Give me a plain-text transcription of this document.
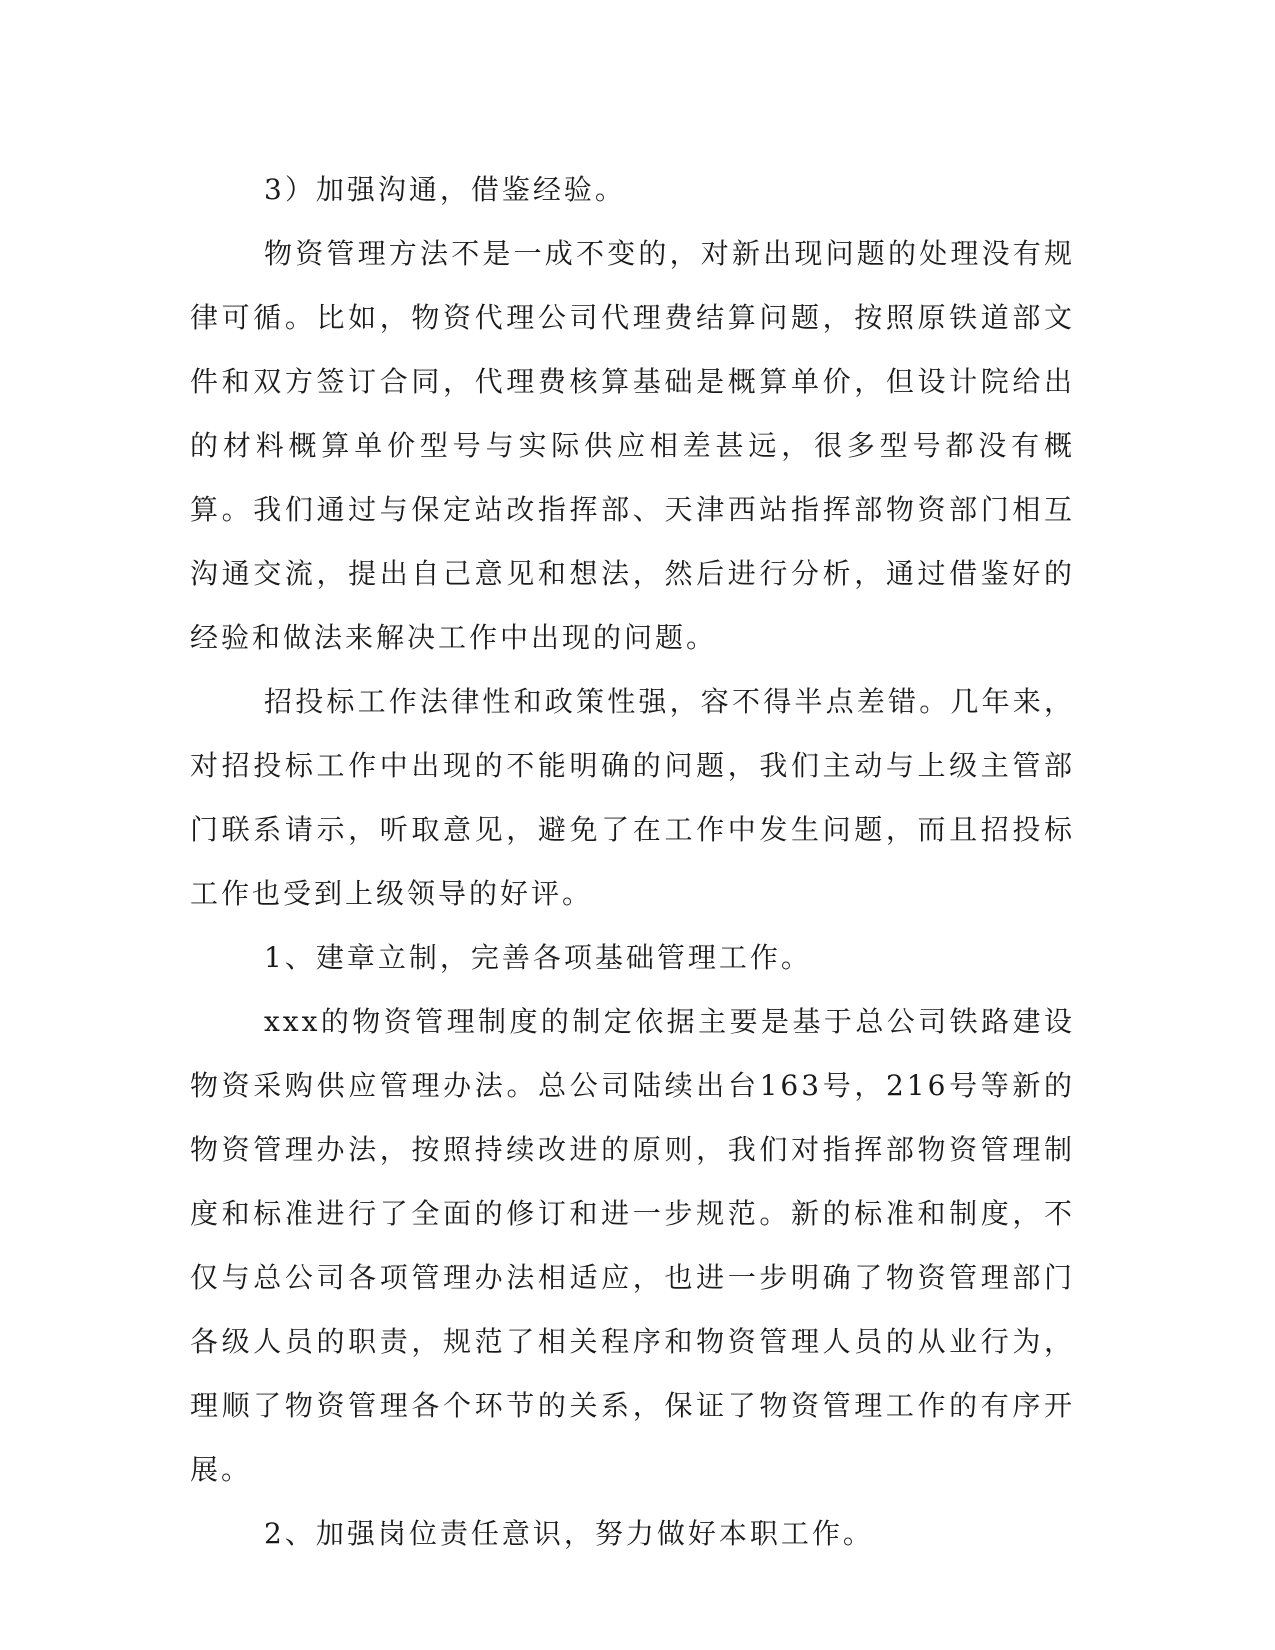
3）加强沟通，借鉴经验。

物资管理方法不是一成不变的，对新出现问题的处理没有规律可循。比如，物资代理公司代理费结算问题，按照原铁道部文件和双方签订合同，代理费核算基础是概算单价，但设计院给出的材料概算单价型号与实际供应相差甚远，很多型号都没有概算。我们通过与保定站改指挥部、天津西站指挥部物资部门相互沟通交流，提出自己意见和想法，然后进行分析，通过借鉴好的经验和做法来解决工作中出现的问题。

招投标工作法律性和政策性强，容不得半点差错。几年来，对招投标工作中出现的不能明确的问题，我们主动与上级主管部门联系请示，听取意见，避免了在工作中发生问题，而且招投标工作也受到上级领导的好评。

1、建章立制，完善各项基础管理工作。

xxx的物资管理制度的制定依据主要是基于总公司铁路建设物资采购供应管理办法。总公司陆续出台163号，216号等新的物资管理办法，按照持续改进的原则，我们对指挥部物资管理制度和标准进行了全面的修订和进一步规范。新的标准和制度，不仅与总公司各项管理办法相适应，也进一步明确了物资管理部门各级人员的职责，规范了相关程序和物资管理人员的从业行为，理顺了物资管理各个环节的关系，保证了物资管理工作的有序开展。

2、加强岗位责任意识，努力做好本职工作。
